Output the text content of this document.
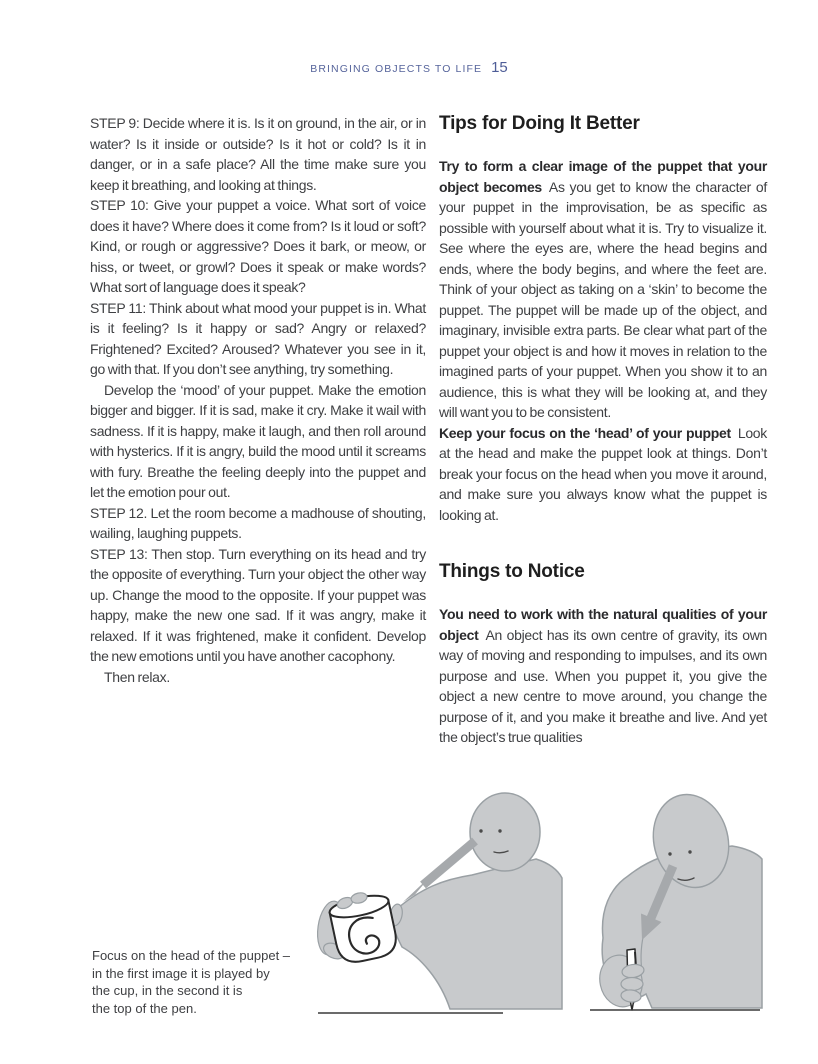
BRINGING OBJECTS TO LIFE 15

STEP 9: Decide where it is. Is it on ground, in the air, or in water? Is it inside or outside? Is it hot or cold? Is it in danger, or in a safe place? All the time make sure you keep it breathing, and looking at things.

STEP 10: Give your puppet a voice. What sort of voice does it have? Where does it come from? Is it loud or soft? Kind, or rough or aggressive? Does it bark, or meow, or hiss, or tweet, or growl? Does it speak or make words? What sort of language does it speak?

STEP 11: Think about what mood your puppet is in. What is it feeling? Is it happy or sad? Angry or relaxed? Frightened? Excited? Aroused? Whatever you see in it, go with that. If you don’t see anything, try something.

Develop the ‘mood’ of your puppet. Make the emotion bigger and bigger. If it is sad, make it cry. Make it wail with sadness. If it is happy, make it laugh, and then roll around with hysterics. If it is angry, build the mood until it screams with fury. Breathe the feeling deeply into the puppet and let the emotion pour out.

STEP 12. Let the room become a madhouse of shouting, wailing, laughing puppets.

STEP 13: Then stop. Turn everything on its head and try the opposite of everything. Turn your object the other way up. Change the mood to the opposite. If your puppet was happy, make the new one sad. If it was angry, make it relaxed. If it was frightened, make it confident. Develop the new emotions until you have another cacophony.

Then relax.

Tips for Doing It Better

Try to form a clear image of the puppet that your object becomes As you get to know the character of your puppet in the improvisation, be as specific as possible with yourself about what it is. Try to visualize it. See where the eyes are, where the head begins and ends, where the body begins, and where the feet are. Think of your object as taking on a ‘skin’ to become the puppet. The puppet will be made up of the object, and imaginary, invisible extra parts. Be clear what part of the puppet your object is and how it moves in relation to the imagined parts of your puppet. When you show it to an audience, this is what they will be looking at, and they will want you to be consistent.

Keep your focus on the ‘head’ of your puppet Look at the head and make the puppet look at things. Don’t break your focus on the head when you move it around, and make sure you always know what the puppet is looking at.

Things to Notice

You need to work with the natural qualities of your object An object has its own centre of gravity, its own way of moving and responding to impulses, and its own purpose and use. When you puppet it, you give the object a new centre to move around, you change the purpose of it, and you make it breathe and live. And yet the object’s true qualities

Focus on the head of the puppet –
in the first image it is played by
the cup, in the second it is
the top of the pen.
